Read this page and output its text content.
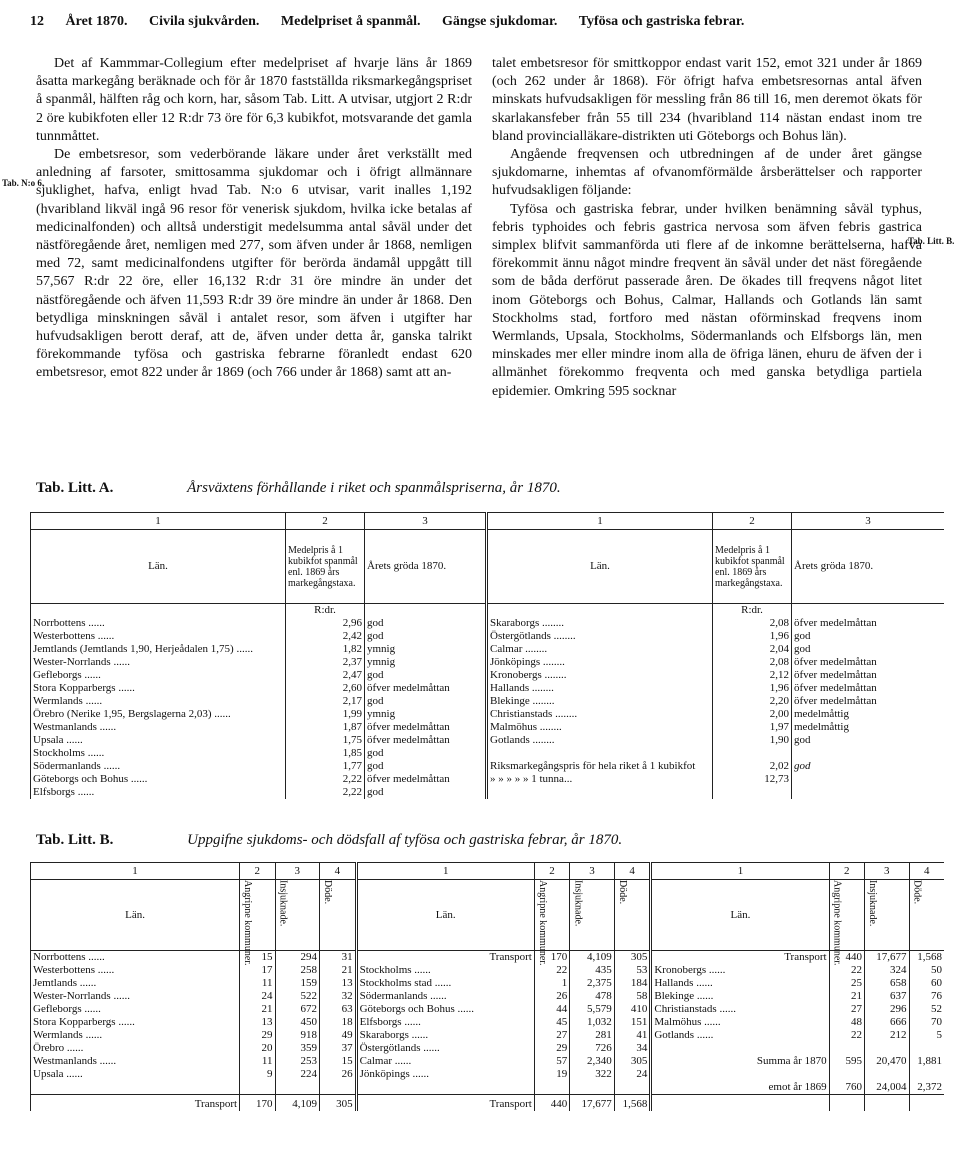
12 Året 1870. Civila sjukvården. Medelpriset å spanmål. Gängse sjukdomar. Tyfösa och gastriska febrar.
Tab. N:o 6.
Tab. Litt. B.

Det af Kammmar-Collegium efter medelpriset af hvarje läns år 1869 åsatta markegång beräknade och för år 1870 fastställda riksmarkegångspriset å spanmål, hälften råg och korn, har, såsom Tab. Litt. A utvisar, utgjort 2 R:dr 2 öre kubikfoten eller 12 R:dr 73 öre för 6,3 kubikfot, motsvarande det gamla tunnmåttet.

De embetsresor, som vederbörande läkare under året verkställt med anledning af farsoter, smittosamma sjukdomar och i öfrigt allmännare sjuklighet, hafva, enligt hvad Tab. N:o 6 utvisar, varit inalles 1,192 (hvaribland likväl ingå 96 resor för venerisk sjukdom, hvilka icke betalas af medicinalfonden) och alltså understigit medelsumma antal såväl under det nästföregående året, nemligen med 277, som äfven under år 1868, nemligen med 72, samt medicinalfondens utgifter för berörda ändamål uppgått till 57,567 R:dr 22 öre, eller 16,132 R:dr 31 öre mindre än under det nästföregående och äfven 11,593 R:dr 39 öre mindre än under år 1868. Den betydliga minskningen såväl i antalet resor, som äfven i utgifter har hufvudsakligen berott deraf, att de, äfven under detta år, ganska talrikt förekommande tyfösa och gastriska febrarne föranledt endast 620 embetsresor, emot 822 under år 1869 (och 766 under år 1868) samt att an-

talet embetsresor för smittkoppor endast varit 152, emot 321 under år 1869 (och 262 under år 1868). För öfrigt hafva embetsresornas antal äfven minskats hufvudsakligen för messling från 86 till 16, men deremot ökats för skarlakansfeber från 55 till 234 (hvaribland 114 nästan endast inom tre bland provincialläkare-distrikten uti Göteborgs och Bohus län).

Angående freqvensen och utbredningen af de under året gängse sjukdomarne, inhemtas af ofvanomförmälde årsberättelser och rapporter hufvudsakligen följande:

Tyfösa och gastriska febrar, under hvilken benämning såväl typhus, febris typhoides och febris gastrica nervosa som äfven febris gastrica simplex blifvit sammanförda uti flere af de inkomne berättelserna, hafva förekommit ännu något mindre freqvent än såväl under det näst föregående som de båda derförut passerade åren. De ökades till freqvens något litet inom Göteborgs och Bohus, Calmar, Hallands och Gotlands län samt Stockholms stad, fortforo med nästan oförminskad freqvens inom Wermlands, Upsala, Stockholms, Södermanlands och Elfsborgs län, men minskades mer eller mindre inom alla de öfriga länen, ehuru de äfven der i allmänhet förekommo freqventa och med ganska betydliga partiela epidemier. Omkring 595 socknar

Tab. Litt. A.	Årsväxtens förhållande i riket och spanmålspriserna, år 1870.
1	2	3	1	2	3
Län.	Medelpris å 1 kubikfot spanmål enl. 1869 års markegångstaxa.	Årets gröda 1870.	Län.	Medelpris å 1 kubikfot spanmål enl. 1869 års markegångstaxa.	Årets gröda 1870.
	R:dr.			R:dr.	
Norrbottens ......	2,96	god	Skaraborgs ........	2,08	öfver medelmåttan
Westerbottens ......	2,42	god	Östergötlands ........	1,96	god
Jemtlands (Jemtlands 1,90, Herjeådalen 1,75) ......	1,82	ymnig	Calmar ........	2,04	god
Wester-Norrlands ......	2,37	ymnig	Jönköpings ........	2,08	öfver medelmåttan
Gefleborgs ......	2,47	god	Kronobergs ........	2,12	öfver medelmåttan
Stora Kopparbergs ......	2,60	öfver medelmåttan	Hallands ........	1,96	öfver medelmåttan
Wermlands ......	2,17	god	Blekinge ........	2,20	öfver medelmåttan
Örebro (Nerike 1,95, Bergslagerna 2,03) ......	1,99	ymnig	Christianstads ........	2,00	medelmåttig
Westmanlands ......	1,87	öfver medelmåttan	Malmöhus ........	1,97	medelmåttig
Upsala ......	1,75	öfver medelmåttan	Gotlands ........	1,90	god
Stockholms ......	1,85	god			
Södermanlands ......	1,77	god	Riksmarkegångspris för hela riket å 1 kubikfot	2,02	god
Göteborgs och Bohus ......	2,22	öfver medelmåttan	» » » » » 1 tunna...	12,73	
Elfsborgs ......	2,22	god			
Tab. Litt. B.	Uppgifne sjukdoms- och dödsfall af tyfösa och gastriska febrar, år 1870.
1	2	3	4	1	2	3	4	1	2	3	4
Län.	Angripne kommuner.	Insjuknade.	Döde.	Län.	Angripne kommuner.	Insjuknade.	Döde.	Län.	Angripne kommuner.	Insjuknade.	Döde.

Norrbottens ......	15	294	31	Transport	170	4,109	305	Transport	440	17,677	1,568
Westerbottens ......	17	258	21	Stockholms ......	22	435	53	Kronobergs ......	22	324	50
Jemtlands ......	11	159	13	Stockholms stad ......	1	2,375	184	Hallands ......	25	658	60
Wester-Norrlands ......	24	522	32	Södermanlands ......	26	478	58	Blekinge ......	21	637	76
Gefleborgs ......	21	672	63	Göteborgs och Bohus ......	44	5,579	410	Christianstads ......	27	296	52
Stora Kopparbergs ......	13	450	18	Elfsborgs ......	45	1,032	151	Malmöhus ......	48	666	70
Wermlands ......	29	918	49	Skaraborgs ......	27	281	41	Gotlands ......	22	212	5
Örebro ......	20	359	37	Östergötlands ......	29	726	34				
Westmanlands ......	11	253	15	Calmar ......	57	2,340	305	Summa år 1870	595	20,470	1,881
Upsala ......	9	224	26	Jönköpings ......	19	322	24				
								emot år 1869	760	24,004	2,372
Transport	170	4,109	305	Transport	440	17,677	1,568				
